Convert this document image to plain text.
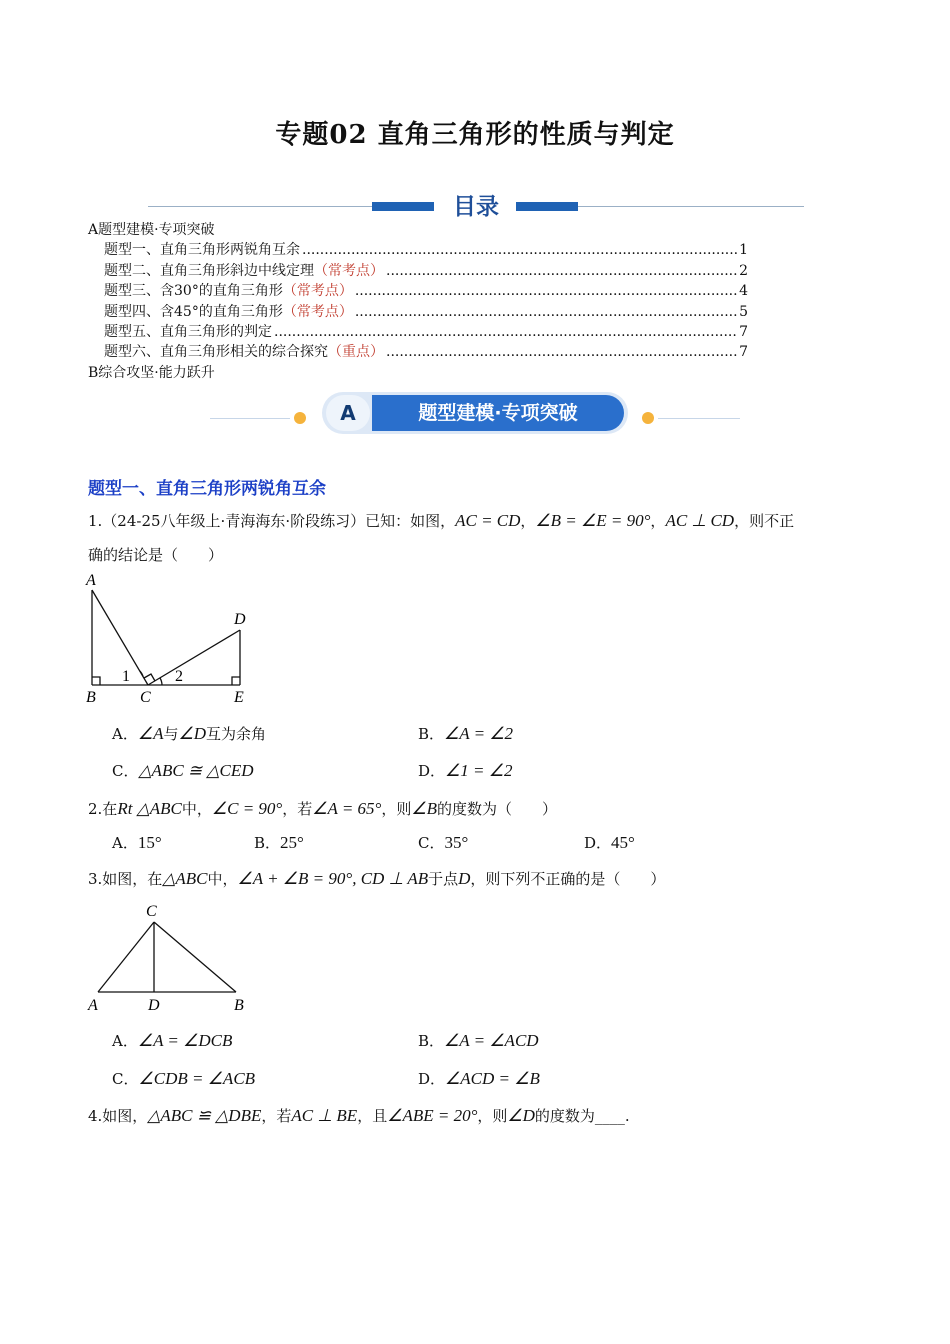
专题02 直角三角形的性质与判定
目录
A题型建模·专项突破
题型一、直角三角形两锐角互余 .....	1
题型二、直角三角形斜边中线定理 （常考点） .....	2
题型三、含30°的直角三角形 （常考点） .....	4
题型四、含45°的直角三角形 （常考点） .....	5
题型五、直角三角形的判定 .....	7
题型六、直角三角形相关的综合探究 （重点） .....	7
B综合攻坚·能力跃升
A	题型建模·专项突破
题型一、直角三角形两锐角互余
1.（24-25八年级上·青海海东·阶段练习）已知：如图，AC = CD，∠B = ∠E = 90°，AC ⊥ CD，则不正
确的结论是（　　）
A
B	C
D
E
1	2
A．∠A与∠D互为余角	B．∠A = ∠2
C．△ABC ≅ △CED	D．∠1 = ∠2
2.在Rt △ABC中，∠C = 90°，若∠A = 65°，则∠B的度数为（　　）
A．15°	B．25°	C．35°	D．45°
3.如图，在△ABC中，∠A + ∠B = 90°, CD ⊥ AB于点D，则下列不正确的是（　　）
C
A	D	B
A．∠A = ∠DCB	B．∠A = ∠ACD
C．∠CDB = ∠ACB	D．∠ACD = ∠B
4.如图，△ABC ≌ △DBE，若AC ⊥ BE，且∠ABE = 20°，则∠D的度数为____.
